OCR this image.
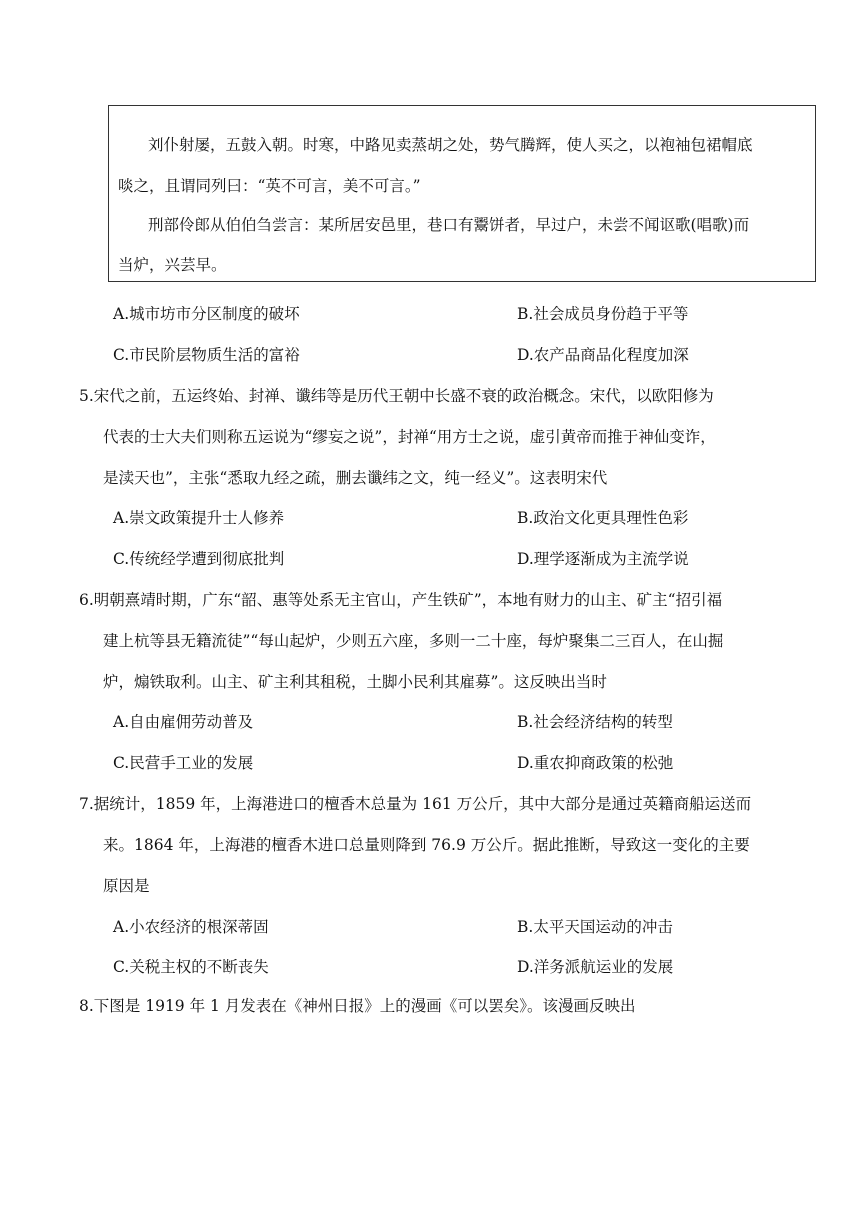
刘仆射屡，五鼓入朝。时寒，中路见卖蒸胡之处，势气腾辉，使人买之，以袍袖包裙帽底
啖之，且谓同列曰：“英不可言，美不可言。”
刑部伶郎从伯伯刍尝言：某所居安邑里，巷口有鬻饼者，早过户，未尝不闻讴歌(唱歌)而
当炉，兴芸早。
A.城市坊市分区制度的破坏	B.社会成员身份趋于平等
C.市民阶层物质生活的富裕	D.农产品商品化程度加深
5.宋代之前，五运终始、封禅、谶纬等是历代王朝中长盛不衰的政治概念。宋代，以欧阳修为
代表的士大夫们则称五运说为“缪妄之说”，封禅“用方士之说，虚引黄帝而推于神仙变诈，
是渎天也”，主张“悉取九经之疏，删去谶纬之文，纯一经义”。这表明宋代
A.崇文政策提升士人修养	B.政治文化更具理性色彩
C.传统经学遭到彻底批判	D.理学逐渐成为主流学说
6.明朝熹靖时期，广东“韶、惠等处系无主官山，产生铁矿”，本地有财力的山主、矿主“招引福
建上杭等县无籍流徒”“每山起炉，少则五六座，多则一二十座，每炉聚集二三百人，在山掘
炉，煽铁取利。山主、矿主利其租税，土脚小民利其雇募”。这反映出当时
A.自由雇佣劳动普及	B.社会经济结构的转型
C.民营手工业的发展	D.重农抑商政策的松弛
7.据统计，1859 年，上海港进口的檀香木总量为 161 万公斤，其中大部分是通过英籍商船运送而
来。1864 年，上海港的檀香木进口总量则降到 76.9 万公斤。据此推断，导致这一变化的主要
原因是
A.小农经济的根深蒂固	B.太平天国运动的冲击
C.关税主权的不断丧失	D.洋务派航运业的发展
8.下图是 1919 年 1 月发表在《神州日报》上的漫画《可以罢矣》。该漫画反映出
